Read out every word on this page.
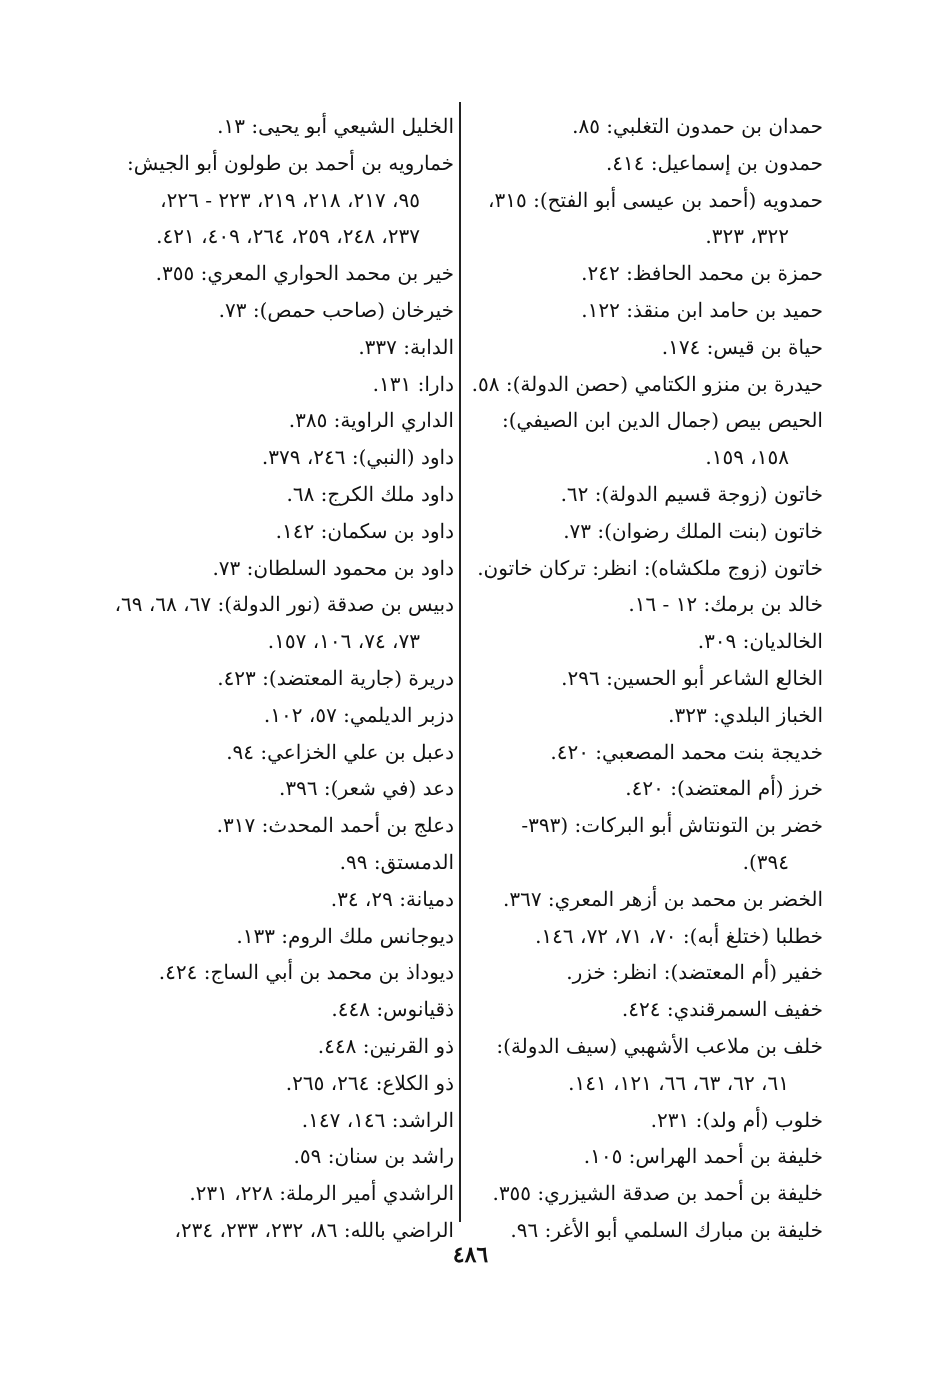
حمدان بن حمدون التغلبي: ٨٥.
حمدون بن إسماعيل: ٤١٤.
حمدويه (أحمد بن عيسى أبو الفتح): ٣١٥،
٣٢٢، ٣٢٣.
حمزة بن محمد الحافظ: ٢٤٢.
حميد بن حامد ابن منقذ: ١٢٢.
حياة بن قيس: ١٧٤.
حيدرة بن منزو الكتامي (حصن الدولة): ٥٨.
الحيص بيص (جمال الدين ابن الصيفي):
١٥٨، ١٥٩.
خاتون (زوجة قسيم الدولة): ٦٢.
خاتون (بنت الملك رضوان): ٧٣.
خاتون (زوج ملكشاه): انظر: تركان خاتون.
خالد بن برمك: ١٢ - ١٦.
الخالديان: ٣٠٩.
الخالع الشاعر أبو الحسين: ٢٩٦.
الخباز البلدي: ٣٢٣.
خديجة بنت محمد المصعبي: ٤٢٠.
خرز (أم المعتضد): ٤٢٠.
خضر بن التونتاش أبو البركات: (٣٩٣-
٣٩٤).
الخضر بن محمد بن أزهر المعري: ٣٦٧.
خطلبا (ختلغ أبه): ٧٠، ٧١، ٧٢، ١٤٦.
خفير (أم المعتضد): انظر: خزر.
خفيف السمرقندي: ٤٢٤.
خلف بن ملاعب الأشهبي (سيف الدولة):
٦١، ٦٢، ٦٣، ٦٦، ١٢١، ١٤١.
خلوب (أم ولد): ٢٣١.
خليفة بن أحمد الهراس: ١٠٥.
خليفة بن أحمد بن صدقة الشيزري: ٣٥٥.
خليفة بن مبارك السلمي أبو الأغر: ٩٦.
الخليل الشيعي أبو يحيى: ١٣.
خمارويه بن أحمد بن طولون أبو الجيش:
٩٥، ٢١٧، ٢١٨، ٢١٩، ٢٢٣ - ٢٢٦،
٢٣٧، ٢٤٨، ٢٥٩، ٢٦٤، ٤٠٩، ٤٢١.
خير بن محمد الحواري المعري: ٣٥٥.
خيرخان (صاحب حمص): ٧٣.
الدابة: ٣٣٧.
دارا: ١٣١.
الداري الراوية: ٣٨٥.
داود (النبي): ٢٤٦، ٣٧٩.
داود ملك الكرج: ٦٨.
داود بن سكمان: ١٤٢.
داود بن محمود السلطان: ٧٣.
دبيس بن صدقة (نور الدولة): ٦٧، ٦٨، ٦٩،
٧٣، ٧٤، ١٠٦، ١٥٧.
دريرة (جارية المعتضد): ٤٢٣.
دزبر الديلمي: ٥٧، ١٠٢.
دعبل بن علي الخزاعي: ٩٤.
دعد (في شعر): ٣٩٦.
دعلج بن أحمد المحدث: ٣١٧.
الدمستق: ٩٩.
دميانة: ٢٩، ٣٤.
ديوجانس ملك الروم: ١٣٣.
ديوداذ بن محمد بن أبي الساج: ٤٢٤.
ذقيانوس: ٤٤٨.
ذو القرنين: ٤٤٨.
ذو الكلاع: ٢٦٤، ٢٦٥.
الراشد: ١٤٦، ١٤٧.
راشد بن سنان: ٥٩.
الراشدي أمير الرملة: ٢٢٨، ٢٣١.
الراضي بالله: ٨٦، ٢٣٢، ٢٣٣، ٢٣٤،
٤٨٦
